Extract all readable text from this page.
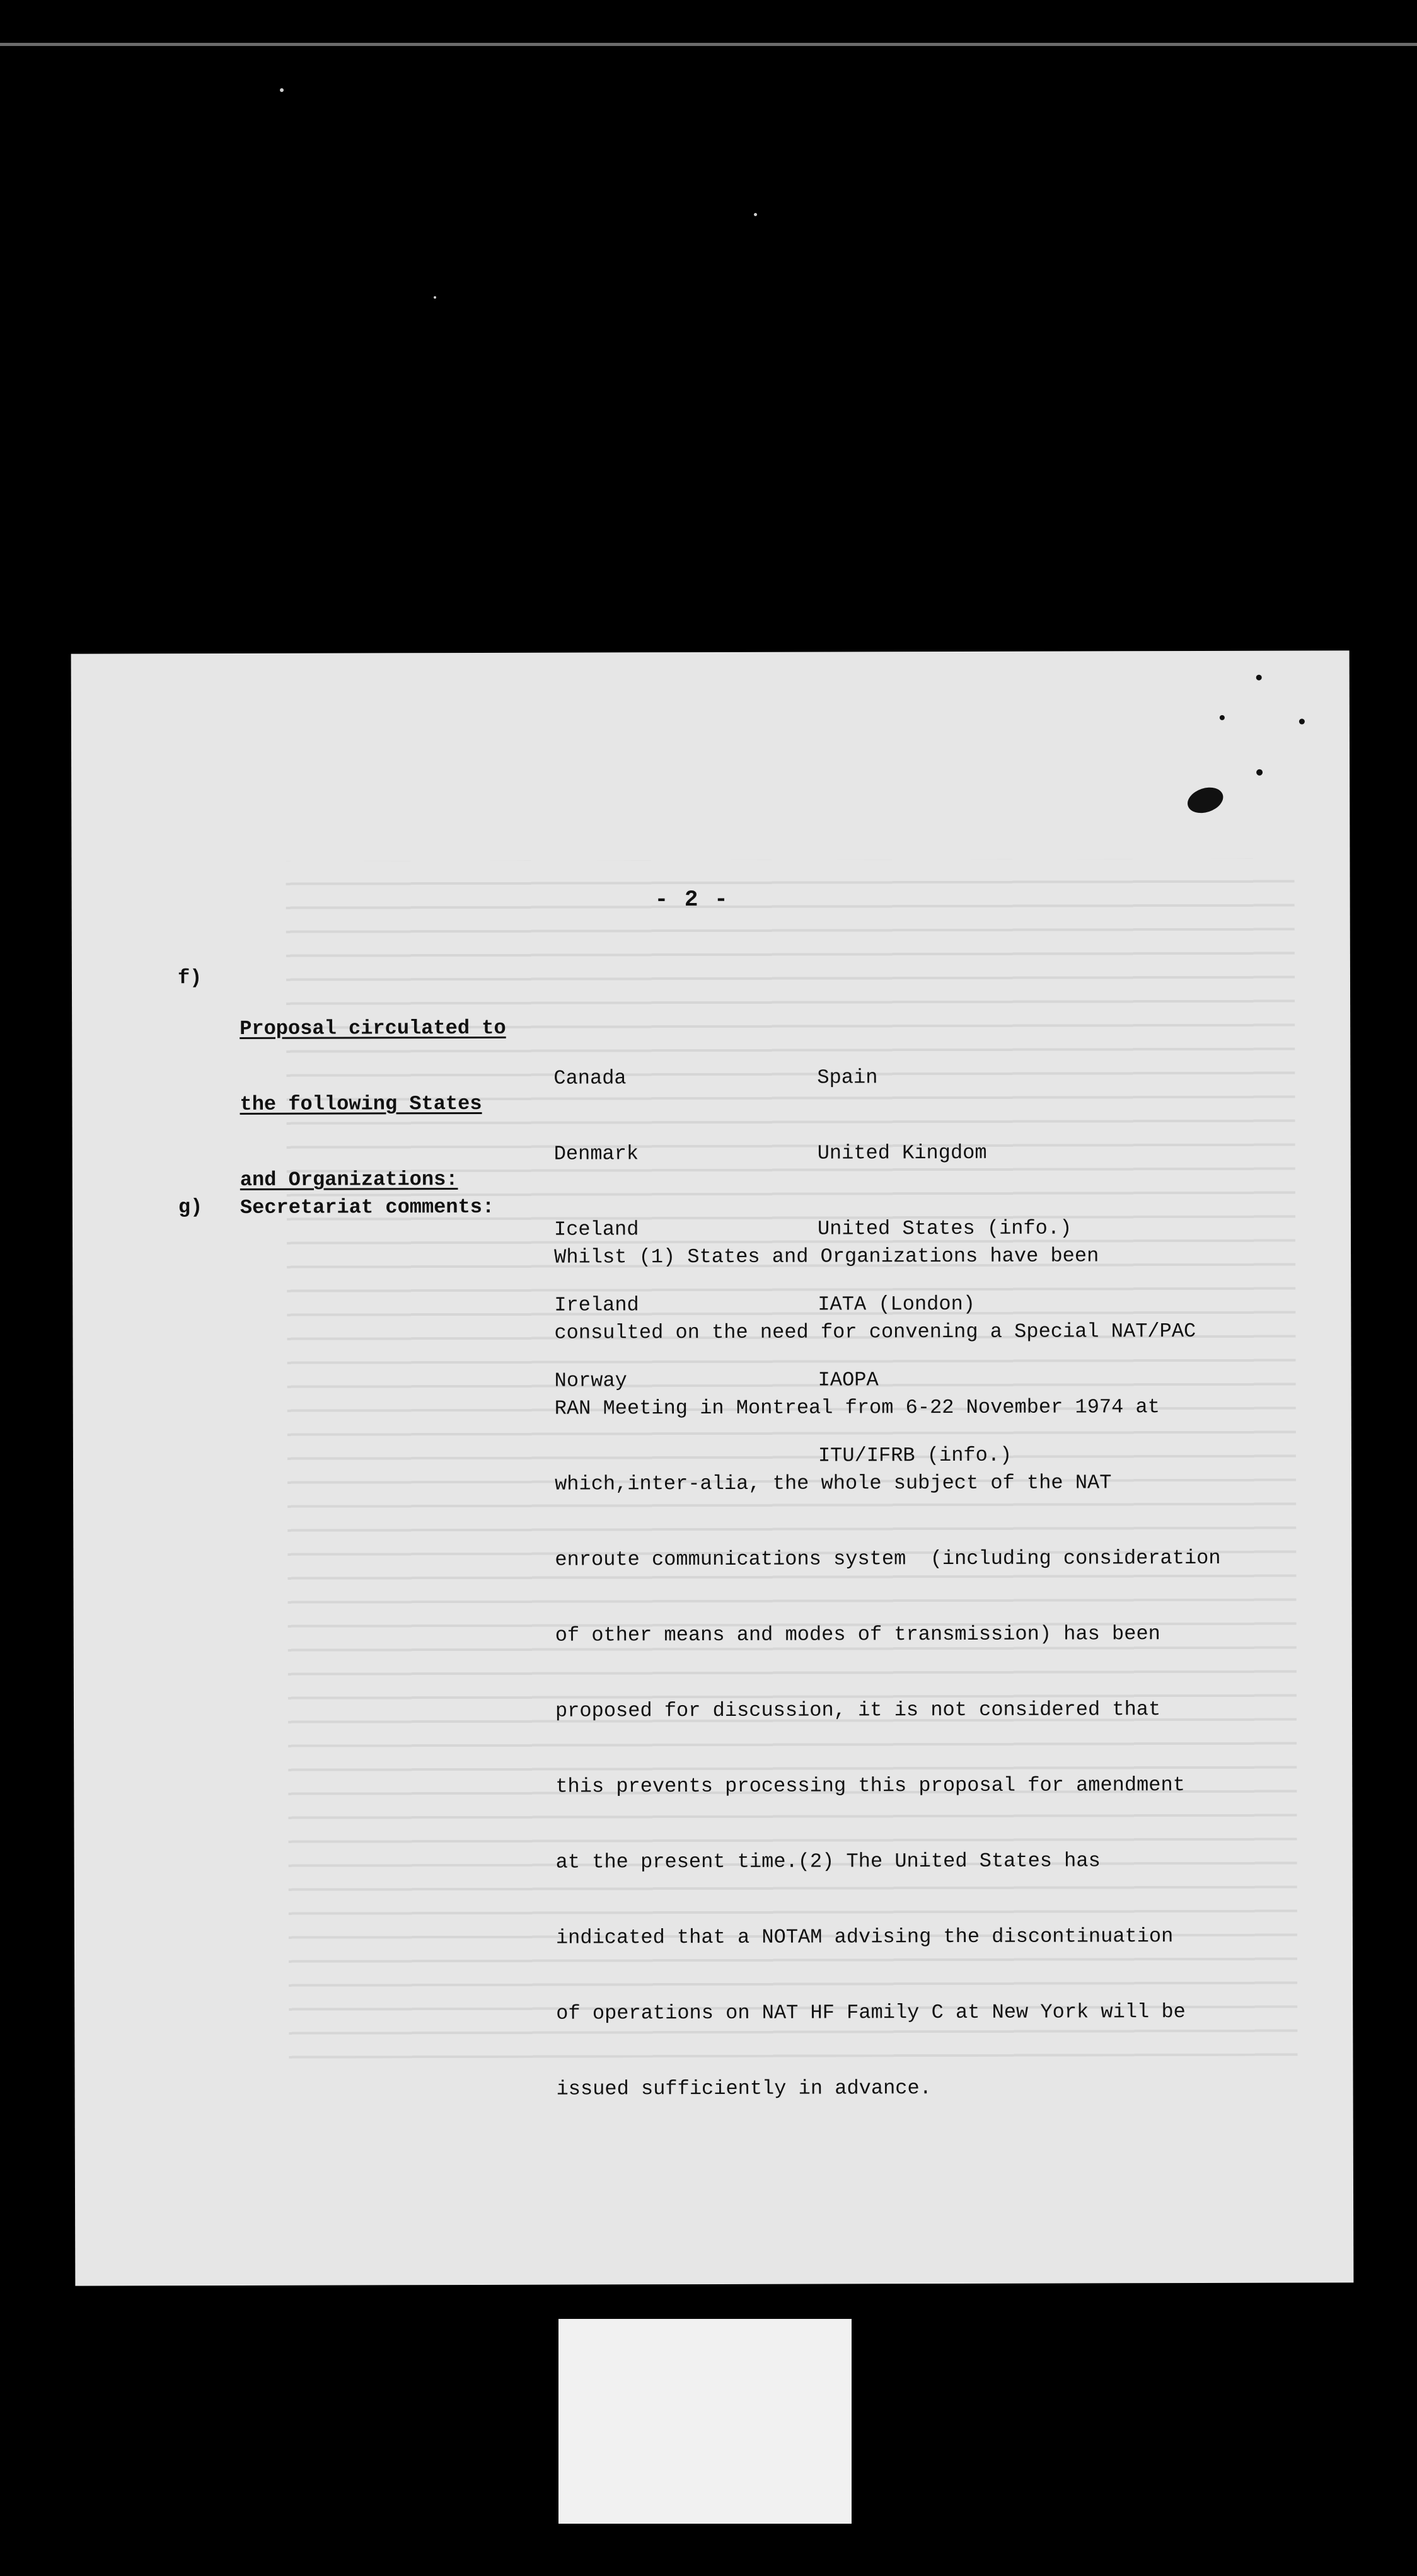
- 2 -
f)

Proposal circulated to

the following States

and Organizations:

Canada

Denmark

Iceland

Ireland

Norway

Spain

United Kingdom

United States (info.)

IATA (London)

IAOPA

ITU/IFRB (info.)

g) Secretariat comments:

Whilst (1) States and Organizations have been

consulted on the need for convening a Special NAT/PAC

RAN Meeting in Montreal from 6-22 November 1974 at

which,inter-alia, the whole subject of the NAT

enroute communications system  (including consideration

of other means and modes of transmission) has been

proposed for discussion, it is not considered that

this prevents processing this proposal for amendment

at the present time.(2) The United States has

indicated that a NOTAM advising the discontinuation

of operations on NAT HF Family C at New York will be

issued sufficiently in advance.
